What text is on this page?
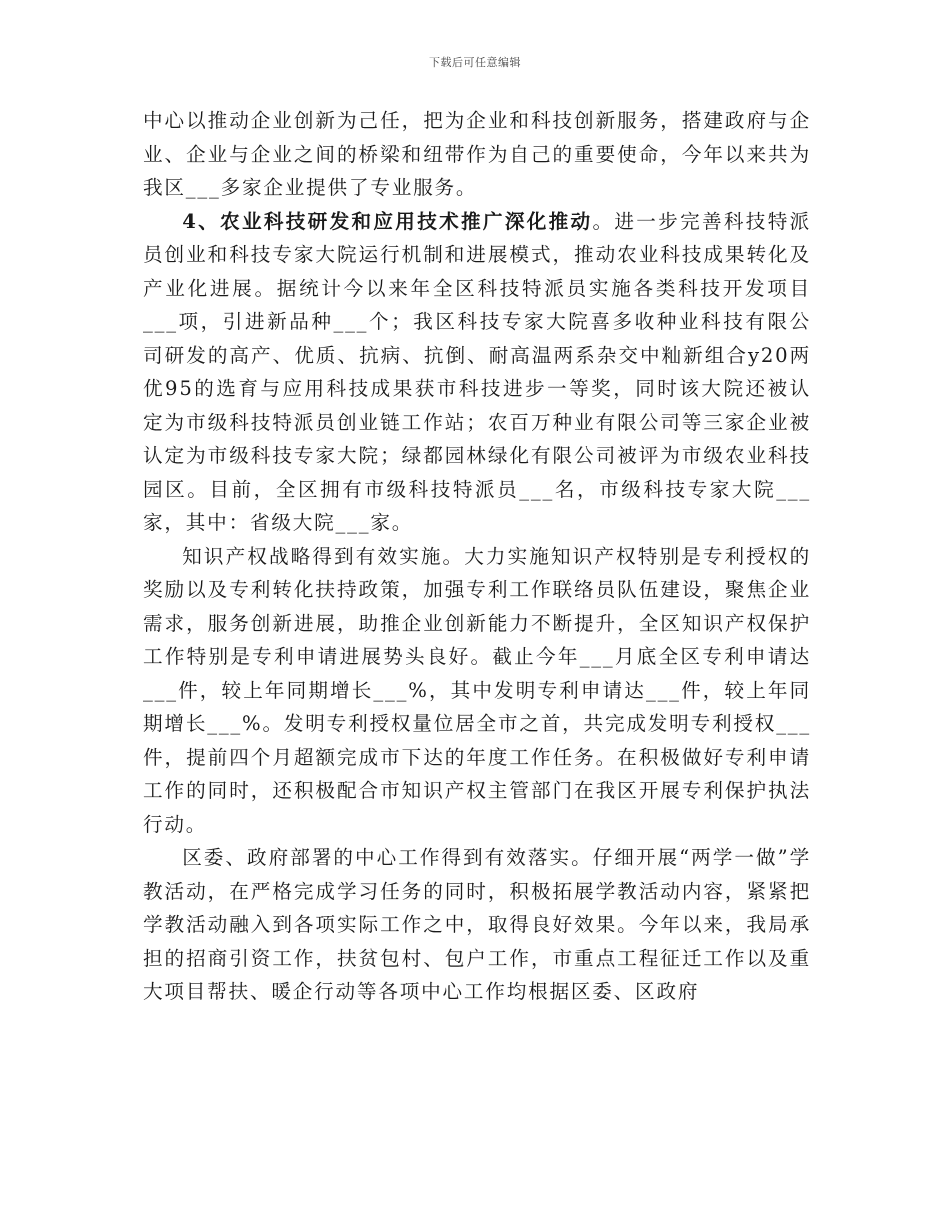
下载后可任意编辑

中心以推动企业创新为己任，把为企业和科技创新服务，搭建政府与企业、企业与企业之间的桥梁和纽带作为自己的重要使命，今年以来共为我区___多家企业提供了专业服务。

4、农业科技研发和应用技术推广深化推动。进一步完善科技特派员创业和科技专家大院运行机制和进展模式，推动农业科技成果转化及产业化进展。据统计今以来年全区科技特派员实施各类科技开发项目___项，引进新品种___个；我区科技专家大院喜多收种业科技有限公司研发的高产、优质、抗病、抗倒、耐高温两系杂交中籼新组合y20两优95的选育与应用科技成果获市科技进步一等奖，同时该大院还被认定为市级科技特派员创业链工作站；农百万种业有限公司等三家企业被认定为市级科技专家大院；绿都园林绿化有限公司被评为市级农业科技园区。目前，全区拥有市级科技特派员___名，市级科技专家大院___家，其中：省级大院___家。

知识产权战略得到有效实施。大力实施知识产权特别是专利授权的奖励以及专利转化扶持政策，加强专利工作联络员队伍建设，聚焦企业需求，服务创新进展，助推企业创新能力不断提升，全区知识产权保护工作特别是专利申请进展势头良好。截止今年___月底全区专利申请达___件，较上年同期增长___%，其中发明专利申请达___件，较上年同期增长___%。发明专利授权量位居全市之首，共完成发明专利授权___件，提前四个月超额完成市下达的年度工作任务。在积极做好专利申请工作的同时，还积极配合市知识产权主管部门在我区开展专利保护执法行动。

区委、政府部署的中心工作得到有效落实。仔细开展“两学一做”学教活动，在严格完成学习任务的同时，积极拓展学教活动内容，紧紧把学教活动融入到各项实际工作之中，取得良好效果。今年以来，我局承担的招商引资工作，扶贫包村、包户工作，市重点工程征迁工作以及重大项目帮扶、暖企行动等各项中心工作均根据区委、区政府
